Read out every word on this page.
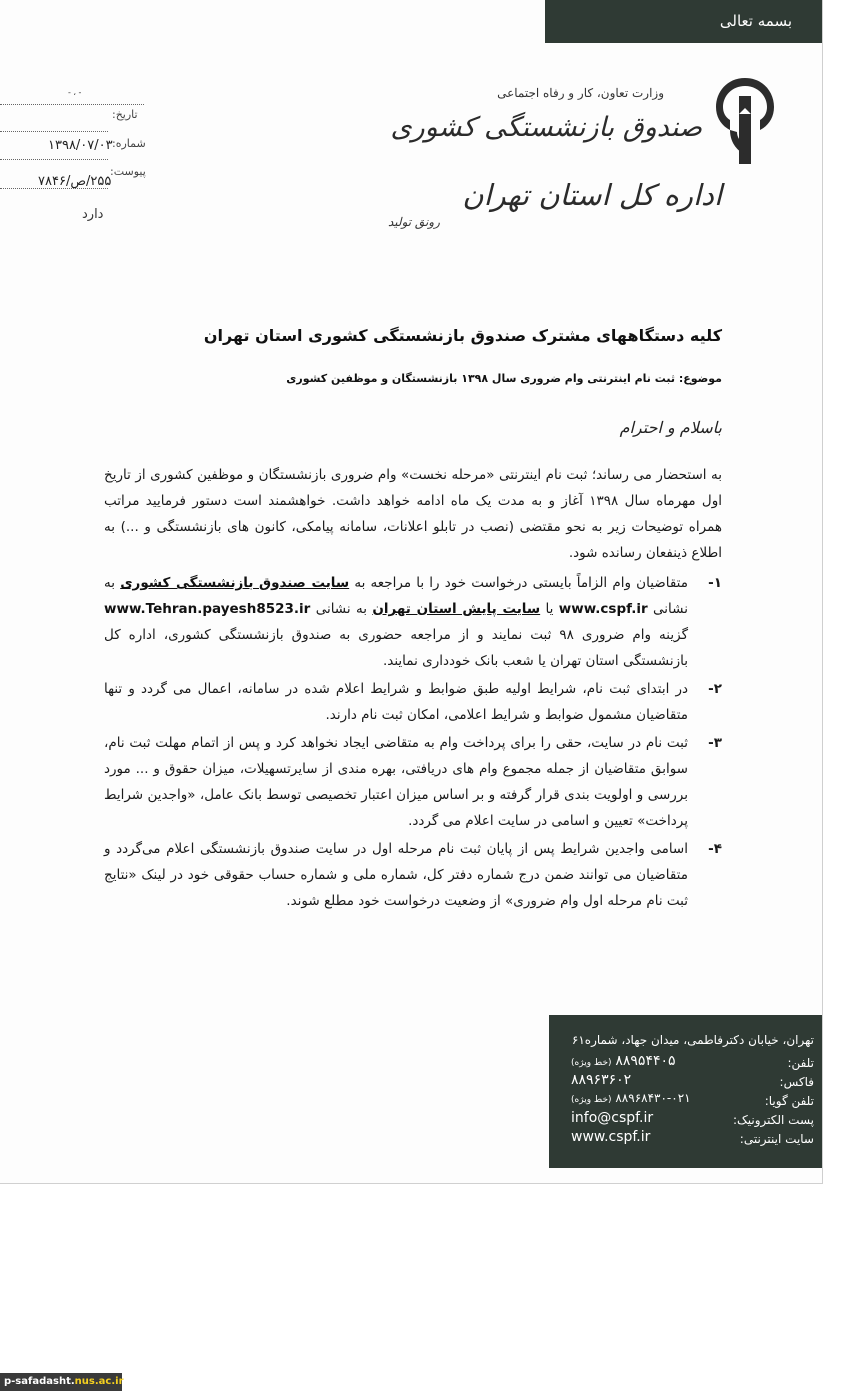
بسمه تعالی
وزارت تعاون، کار و رفاه اجتماعی
صندوق بازنشستگی کشوری
اداره کل استان تهران
- ، -
تاریخ:
شماره:
۱۳۹۸/۰۷/۰۳
پیوست:
۲۵۵/ص/۷۸۴۶
دارد	رونق تولید
کلیه دستگاههای مشترک صندوق بازنشستگی کشوری استان تهران
موضوع: ثبت نام اینترنتی وام ضروری سال ۱۳۹۸ بازنشستگان و موظفین کشوری
باسلام و احترام

به استحضار می رساند؛ ثبت نام اینترنتی «مرحله نخست» وام ضروری بازنشستگان و موظفین کشوری از تاریخ اول مهرماه سال ۱۳۹۸ آغاز و به مدت یک ماه ادامه خواهد داشت. خواهشمند است دستور فرمایید مراتب همراه توضیحات زیر به نحو مقتضی (نصب در تابلو اعلانات، سامانه پیامکی، کانون های بازنشستگی و ...) به اطلاع ذینفعان رسانده شود.

۱-
متقاضیان وام الزاماً بایستی درخواست خود را با مراجعه به سایت صندوق بازنشستگی کشوری به نشانی www.cspf.ir یا سایت پایش استان تهران به نشانی www.Tehran.payesh8523.ir گزینه وام ضروری ۹۸ ثبت نمایند و از مراجعه حضوری به صندوق بازنشستگی کشوری، اداره کل بازنشستگی استان تهران یا شعب بانک خودداری نمایند.
۲-
در ابتدای ثبت نام، شرایط اولیه طبق ضوابط و شرایط اعلام شده در سامانه، اعمال می گردد و تنها متقاضیان مشمول ضوابط و شرایط اعلامی، امکان ثبت نام دارند.
۳-
ثبت نام در سایت، حقی را برای پرداخت وام به متقاضی ایجاد نخواهد کرد و پس از اتمام مهلت ثبت نام، سوابق متقاضیان از جمله مجموع وام های دریافتی، بهره مندی از سایرتسهیلات، میزان حقوق و ... مورد بررسی و اولویت بندی قرار گرفته و بر اساس میزان اعتبار تخصیصی توسط بانک عامل، «واجدین شرایط پرداخت» تعیین و اسامی در سایت اعلام می گردد.
۴-
اسامی واجدین شرایط پس از پایان ثبت نام مرحله اول در سایت صندوق بازنشستگی اعلام می‌گردد و متقاضیان می توانند ضمن درج شماره دفتر کل، شماره ملی و شماره حساب حقوقی خود در لینک «نتایج ثبت نام مرحله اول وام ضروری» از وضعیت درخواست خود مطلع شوند.
تهران، خیابان دکترفاطمی، میدان جهاد، شماره۶۱
تلفن:
(خط ویژه) ۸۸۹۵۴۴۰۵
فاکس:
۸۸۹۶۳۶۰۲
تلفن گویا:
(خط ویژه) ۰۲۱-۸۸۹۶۸۴۳۰
پست الکترونیک:
info@cspf.ir
سایت اینترنتی:
www.cspf.ir
p-safadasht.nus.ac.ir
